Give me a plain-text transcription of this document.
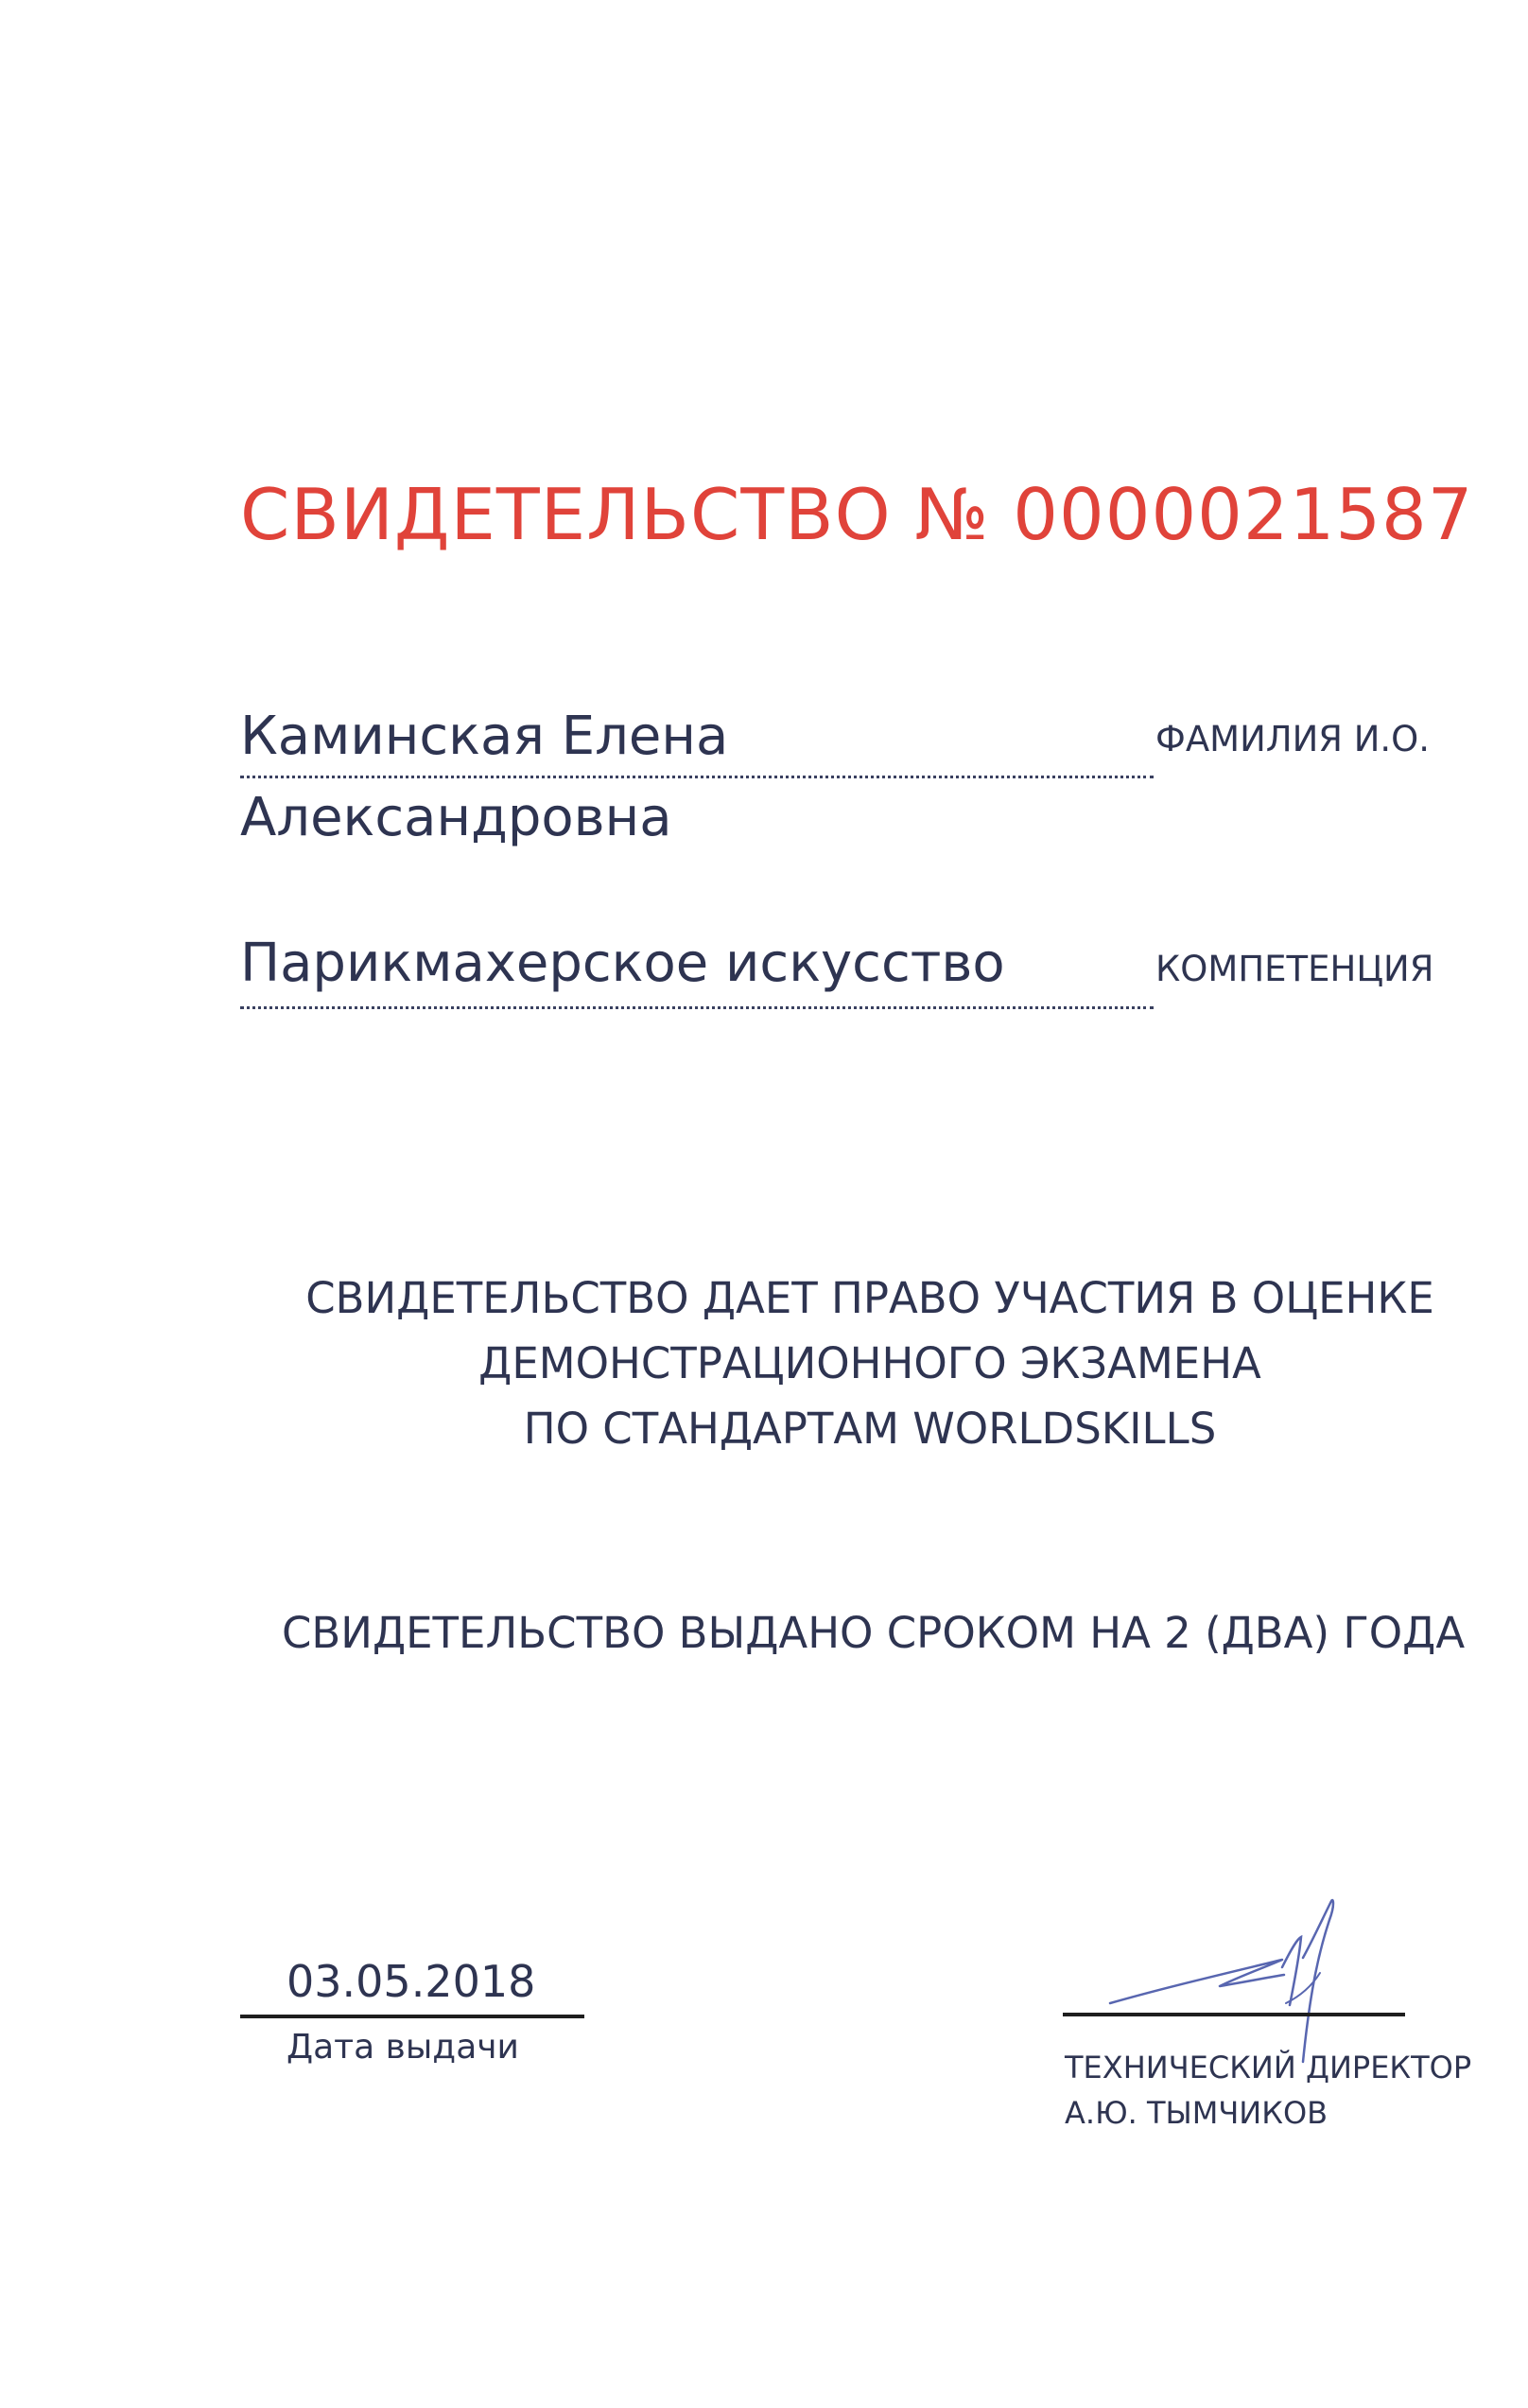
СВИДЕТЕЛЬСТВО № 0000021587
Каминская Елена	ФАМИЛИЯ И.О.
Александровна
Парикмахерское искусство	КОМПЕТЕНЦИЯ
СВИДЕТЕЛЬСТВО ДАЕТ ПРАВО УЧАСТИЯ В ОЦЕНКЕ
ДЕМОНСТРАЦИОННОГО ЭКЗАМЕНА
ПО СТАНДАРТАМ WORLDSKILLS
СВИДЕТЕЛЬСТВО ВЫДАНО СРОКОМ НА 2 (ДВА) ГОДА
03.05.2018
Дата выдачи
ТЕХНИЧЕСКИЙ ДИРЕКТОР
А.Ю. ТЫМЧИКОВ
